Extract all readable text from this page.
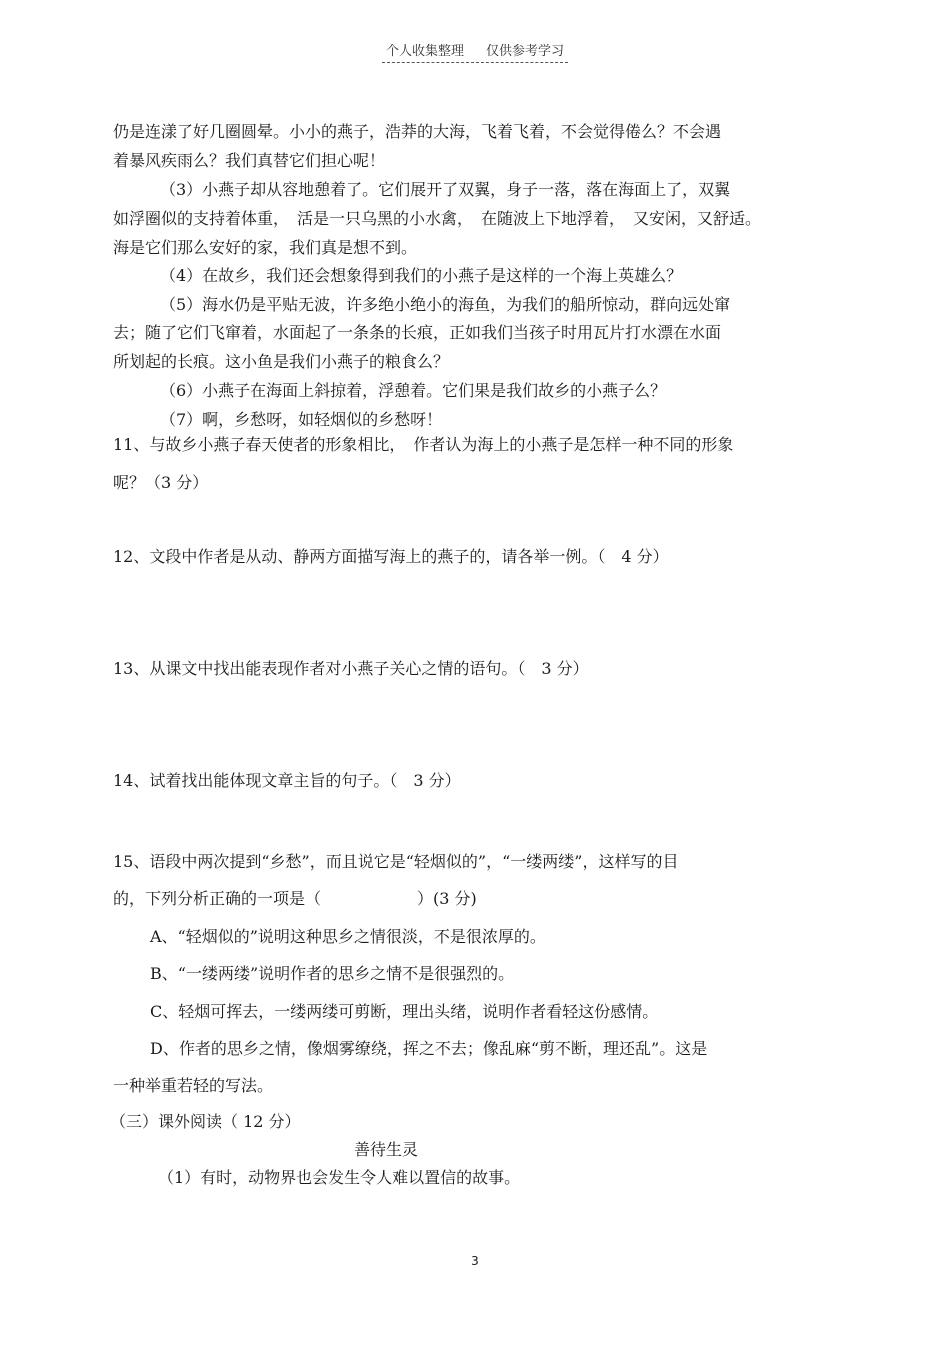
个人收集整理 仅供参考学习
仍是连漾了好几圈圆晕。小小的燕子，浩莽的大海，飞着飞着，不会觉得倦么？不会遇
着暴风疾雨么？我们真替它们担心呢！
（3）小燕子却从容地憩着了。它们展开了双翼，身子一落，落在海面上了，双翼
如浮圈似的支持着体重，　活是一只乌黑的小水禽，　在随波上下地浮着，　又安闲，又舒适。
海是它们那么安好的家，我们真是想不到。
（4）在故乡，我们还会想象得到我们的小燕子是这样的一个海上英雄么？
（5）海水仍是平贴无波，许多绝小绝小的海鱼，为我们的船所惊动，群向远处窜
去；随了它们飞窜着，水面起了一条条的长痕，正如我们当孩子时用瓦片打水漂在水面
所划起的长痕。这小鱼是我们小燕子的粮食么？
（6）小燕子在海面上斜掠着，浮憩着。它们果是我们故乡的小燕子么？
（7）啊，乡愁呀，如轻烟似的乡愁呀！
11、与故乡小燕子春天使者的形象相比，　作者认为海上的小燕子是怎样一种不同的形象
呢？（3 分）
12、文段中作者是从动、静两方面描写海上的燕子的，请各举一例。（　4 分）
13、从课文中找出能表现作者对小燕子关心之情的语句。（　3 分）
14、试着找出能体现文章主旨的句子。（　3 分）
15、语段中两次提到“乡愁”，而且说它是“轻烟似的”，“一缕两缕”，这样写的目
的，下列分析正确的一项是（　　　　　　）(3 分)
A、“轻烟似的”说明这种思乡之情很淡，不是很浓厚的。
B、“一缕两缕”说明作者的思乡之情不是很强烈的。
C、轻烟可挥去，一缕两缕可剪断，理出头绪，说明作者看轻这份感情。
D、作者的思乡之情，像烟雾缭绕，挥之不去；像乱麻“剪不断，理还乱”。这是
一种举重若轻的写法。
（三）课外阅读（ 12 分）
善待生灵
（1）有时，动物界也会发生令人难以置信的故事。
3
